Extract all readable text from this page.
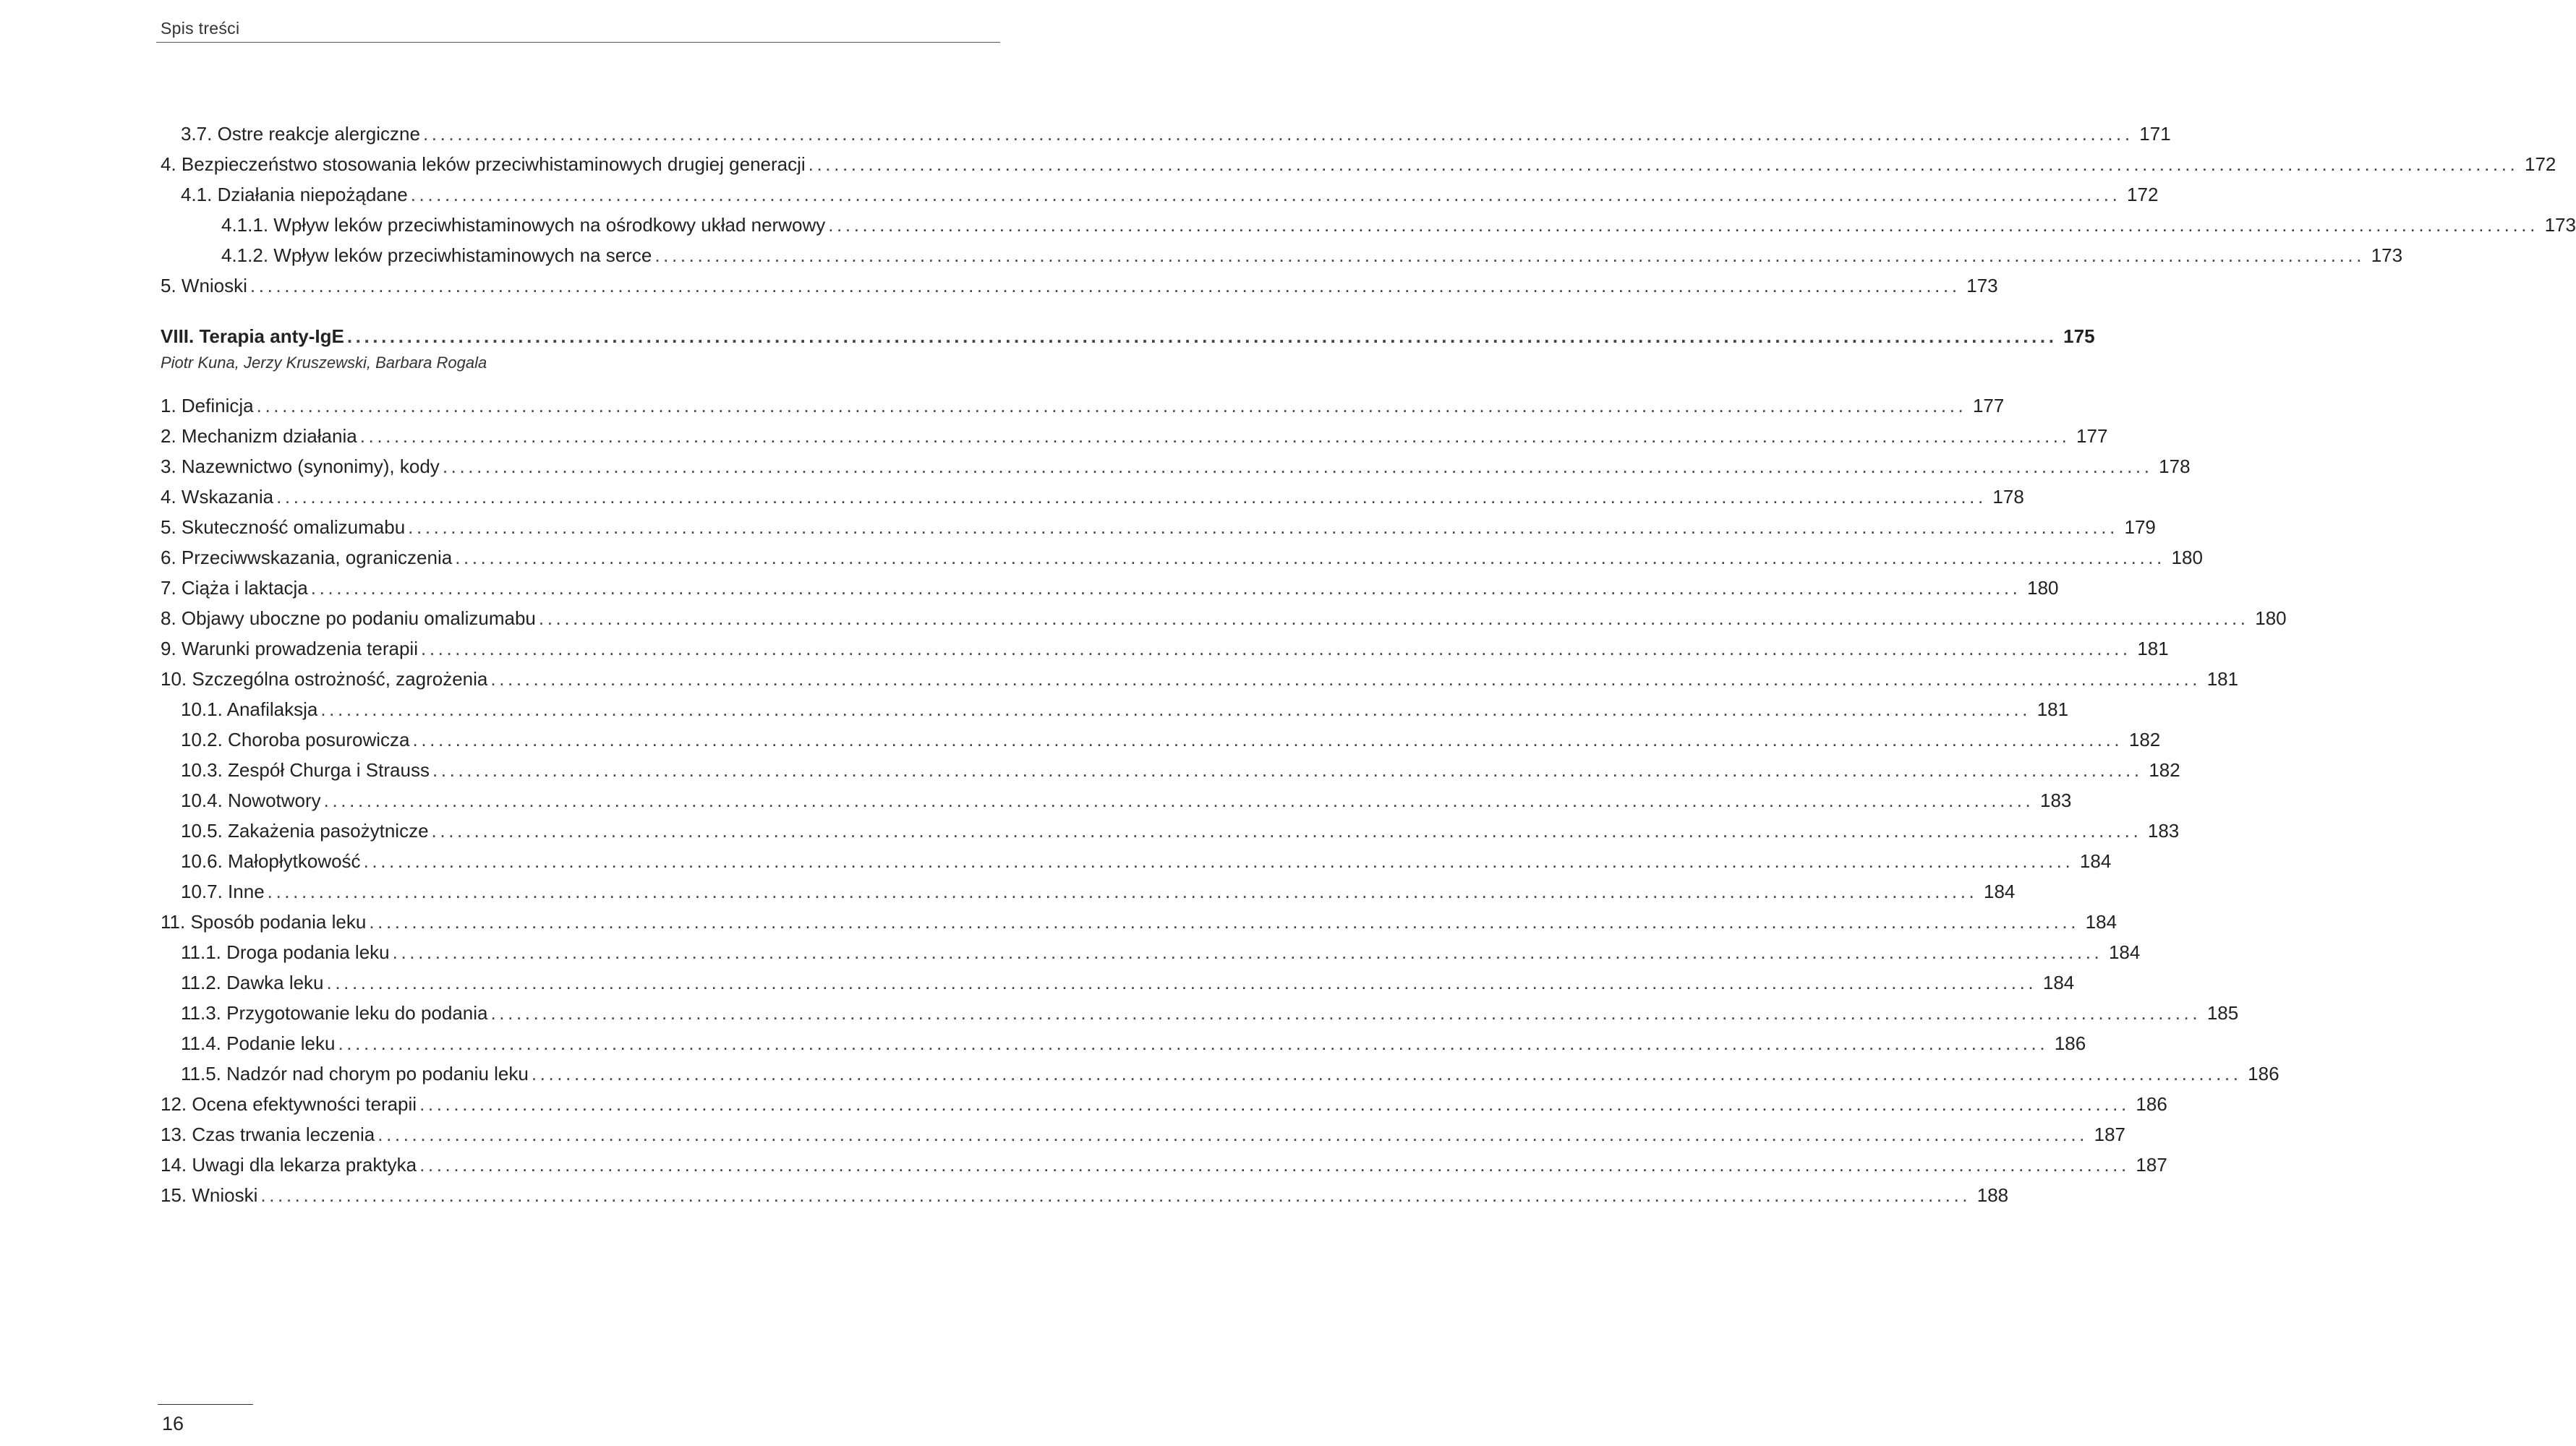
Spis treści
3.7. Ostre reakcje alergiczne ........................................................................................................................................................................................................ 171
4. Bezpieczeństwo stosowania leków przeciwhistaminowych drugiej generacji ........................................................................................................................................................................................................ 172
4.1. Działania niepożądane ........................................................................................................................................................................................................ 172
4.1.1. Wpływ leków przeciwhistaminowych na ośrodkowy układ nerwowy ........................................................................................................................................................................................................ 173
4.1.2. Wpływ leków przeciwhistaminowych na serce ........................................................................................................................................................................................................ 173
5. Wnioski ........................................................................................................................................................................................................ 173
VIII. Terapia anty-IgE ........................................................................................................................................................................................................ 175
Piotr Kuna, Jerzy Kruszewski, Barbara Rogala
1. Definicja ........................................................................................................................................................................................................ 177
2. Mechanizm działania ........................................................................................................................................................................................................ 177
3. Nazewnictwo (synonimy), kody ........................................................................................................................................................................................................ 178
4. Wskazania ........................................................................................................................................................................................................ 178
5. Skuteczność omalizumabu ........................................................................................................................................................................................................ 179
6. Przeciwwskazania, ograniczenia ........................................................................................................................................................................................................ 180
7. Ciąża i laktacja ........................................................................................................................................................................................................ 180
8. Objawy uboczne po podaniu omalizumabu ........................................................................................................................................................................................................ 180
9. Warunki prowadzenia terapii ........................................................................................................................................................................................................ 181
10. Szczególna ostrożność, zagrożenia ........................................................................................................................................................................................................ 181
10.1. Anafilaksja ........................................................................................................................................................................................................ 181
10.2. Choroba posurowicza ........................................................................................................................................................................................................ 182
10.3. Zespół Churga i Strauss ........................................................................................................................................................................................................ 182
10.4. Nowotwory ........................................................................................................................................................................................................ 183
10.5. Zakażenia pasożytnicze ........................................................................................................................................................................................................ 183
10.6. Małopłytkowość ........................................................................................................................................................................................................ 184
10.7. Inne ........................................................................................................................................................................................................ 184
11. Sposób podania leku ........................................................................................................................................................................................................ 184
11.1. Droga podania leku ........................................................................................................................................................................................................ 184
11.2. Dawka leku ........................................................................................................................................................................................................ 184
11.3. Przygotowanie leku do podania ........................................................................................................................................................................................................ 185
11.4. Podanie leku ........................................................................................................................................................................................................ 186
11.5. Nadzór nad chorym po podaniu leku ........................................................................................................................................................................................................ 186
12. Ocena efektywności terapii ........................................................................................................................................................................................................ 186
13. Czas trwania leczenia ........................................................................................................................................................................................................ 187
14. Uwagi dla lekarza praktyka ........................................................................................................................................................................................................ 187
15. Wnioski ........................................................................................................................................................................................................ 188
16
